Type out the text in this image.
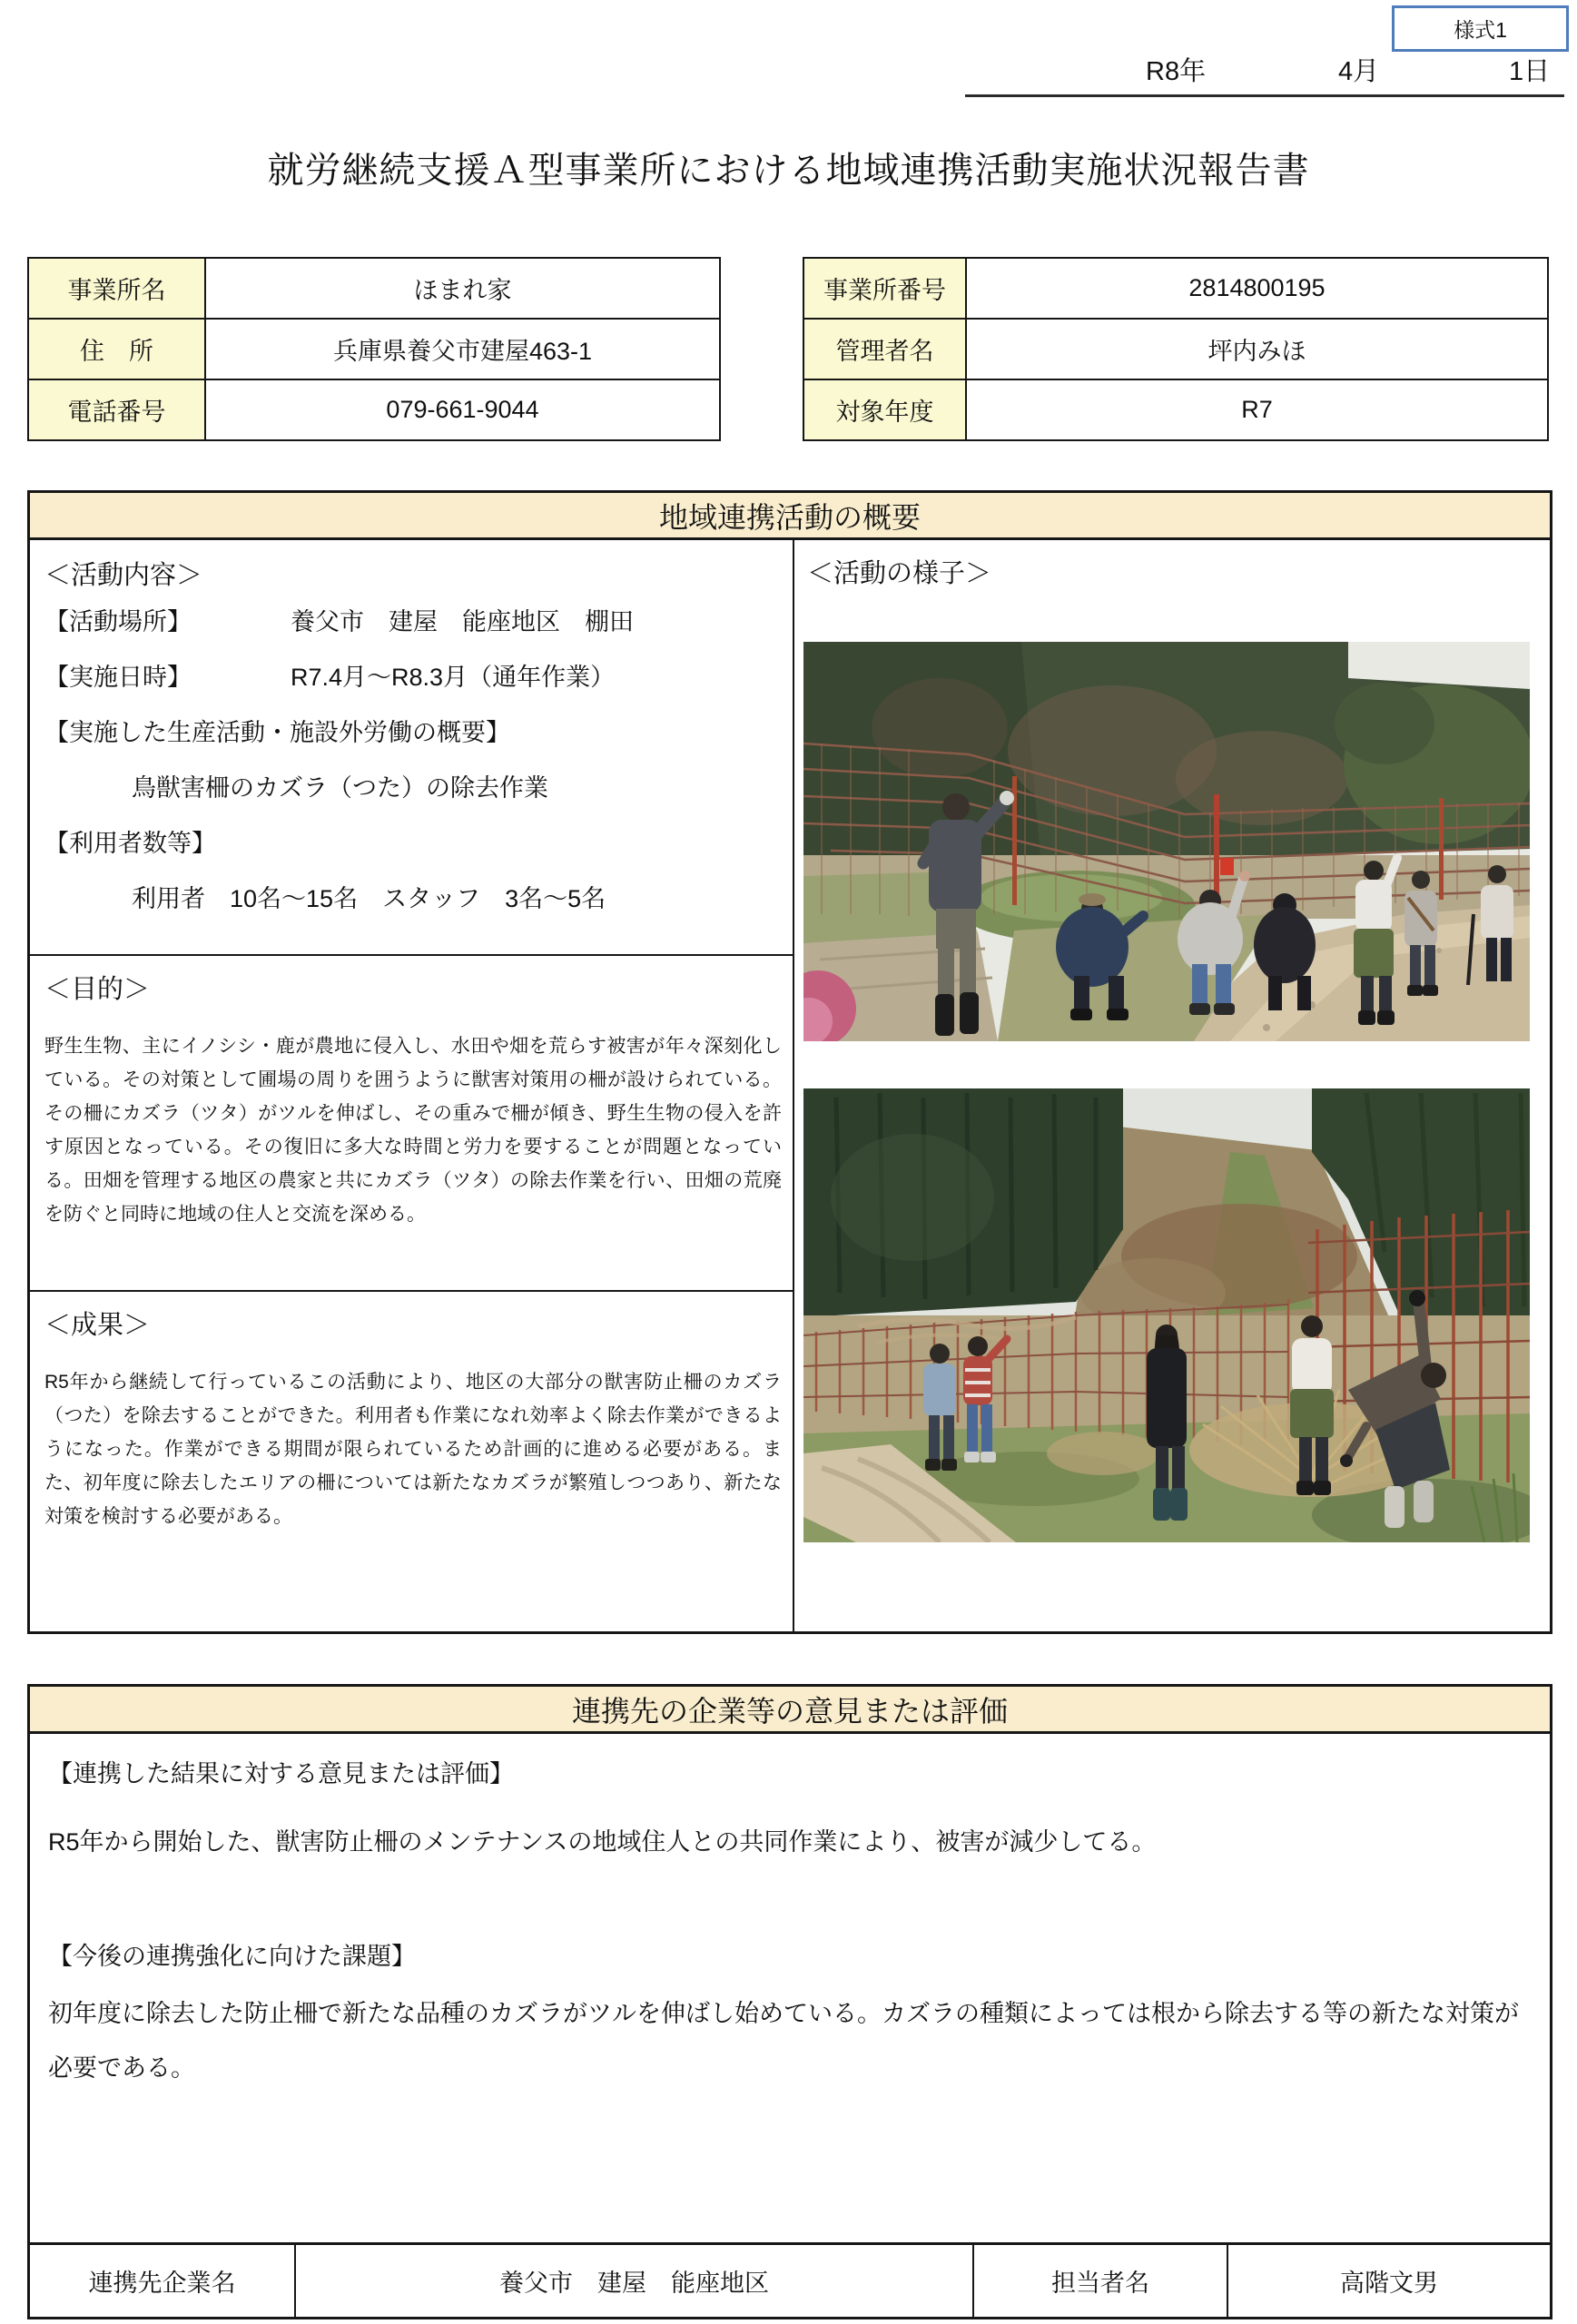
様式1
R8年	4月	1日
就労継続支援Ａ型事業所における地域連携活動実施状況報告書
事業所名	ほまれ家
住　所	兵庫県養父市建屋463-1
電話番号	079-661-9044
事業所番号	2814800195
管理者名	坪内みほ
対象年度	R7
地域連携活動の概要
＜活動内容＞
【活動場所】	養父市　建屋　能座地区　棚田
【実施日時】	R7.4月～R8.3月（通年作業）
【実施した生産活動・施設外労働の概要】
鳥獣害柵のカズラ（つた）の除去作業
【利用者数等】
利用者　10名～15名　スタッフ　3名～5名
＜目的＞

野生生物、主にイノシシ・鹿が農地に侵入し、水田や畑を荒らす被害が年々深刻化している。その対策として圃場の周りを囲うように獣害対策用の柵が設けられている。その柵にカズラ（ツタ）がツルを伸ばし、その重みで柵が傾き、野生生物の侵入を許す原因となっている。その復旧に多大な時間と労力を要することが問題となっている。田畑を管理する地区の農家と共にカズラ（ツタ）の除去作業を行い、田畑の荒廃を防ぐと同時に地域の住人と交流を深める。

＜成果＞

R5年から継続して行っているこの活動により、地区の大部分の獣害防止柵のカズラ（つた）を除去することができた。利用者も作業になれ効率よく除去作業ができるようになった。作業ができる期間が限られているため計画的に進める必要がある。また、初年度に除去したエリアの柵については新たなカズラが繁殖しつつあり、新たな対策を検討する必要がある。

＜活動の様子＞
連携先の企業等の意見または評価

【連携した結果に対する意見または評価】

R5年から開始した、獣害防止柵のメンテナンスの地域住人との共同作業により、被害が減少してる。

【今後の連携強化に向けた課題】

初年度に除去した防止柵で新たな品種のカズラがツルを伸ばし始めている。カズラの種類によっては根から除去する等の新たな対策が必要である。

連携先企業名	養父市　建屋　能座地区	担当者名	高階文男
